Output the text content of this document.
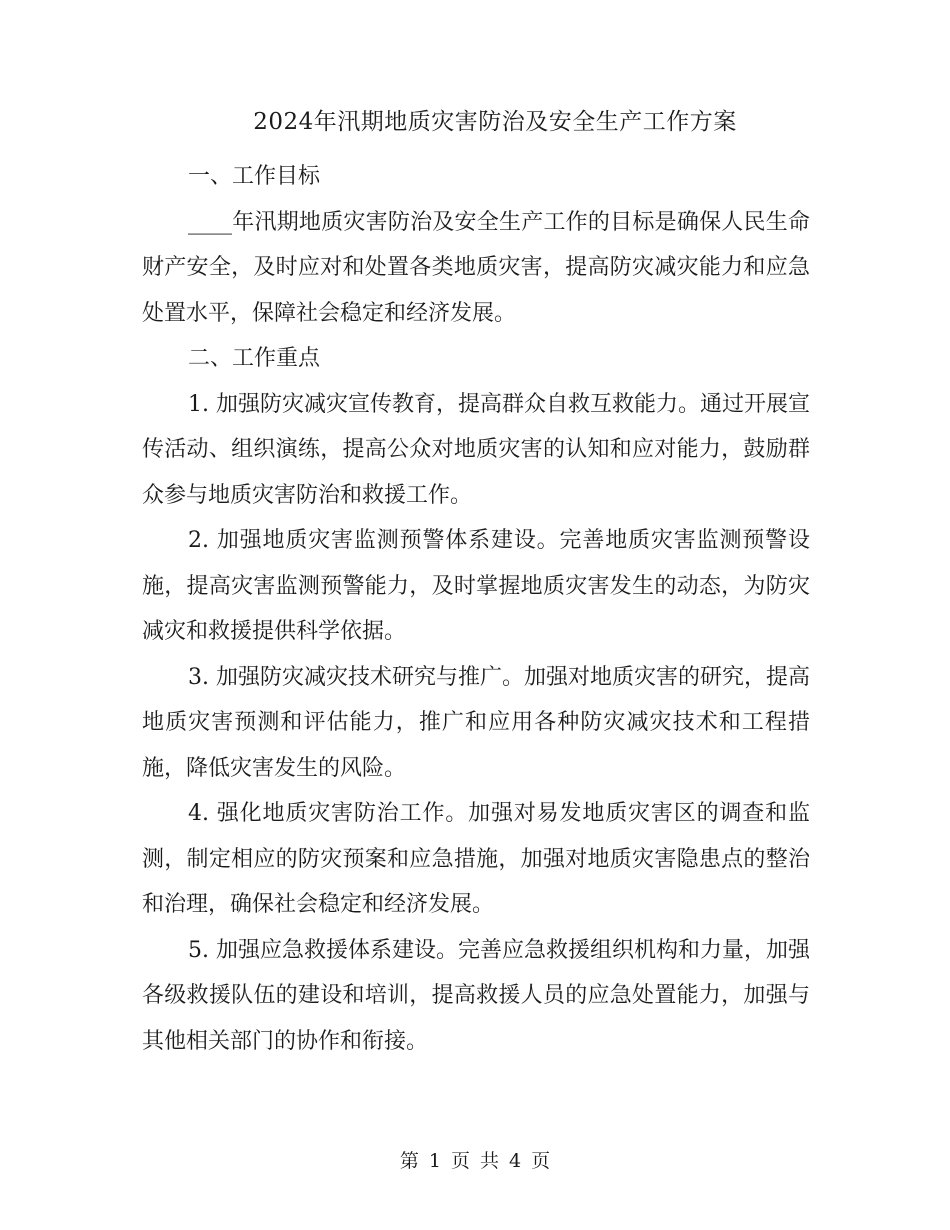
2024年汛期地质灾害防治及安全生产工作方案

一、工作目标

____年汛期地质灾害防治及安全生产工作的目标是确保人民生命财产安全，及时应对和处置各类地质灾害，提高防灾减灾能力和应急处置水平，保障社会稳定和经济发展。

二、工作重点

1. 加强防灾减灾宣传教育，提高群众自救互救能力。通过开展宣传活动、组织演练，提高公众对地质灾害的认知和应对能力，鼓励群众参与地质灾害防治和救援工作。

2. 加强地质灾害监测预警体系建设。完善地质灾害监测预警设施，提高灾害监测预警能力，及时掌握地质灾害发生的动态，为防灾减灾和救援提供科学依据。

3. 加强防灾减灾技术研究与推广。加强对地质灾害的研究，提高地质灾害预测和评估能力，推广和应用各种防灾减灾技术和工程措施，降低灾害发生的风险。

4. 强化地质灾害防治工作。加强对易发地质灾害区的调查和监测，制定相应的防灾预案和应急措施，加强对地质灾害隐患点的整治和治理，确保社会稳定和经济发展。

5. 加强应急救援体系建设。完善应急救援组织机构和力量，加强各级救援队伍的建设和培训，提高救援人员的应急处置能力，加强与其他相关部门的协作和衔接。

第 1 页 共 4 页
